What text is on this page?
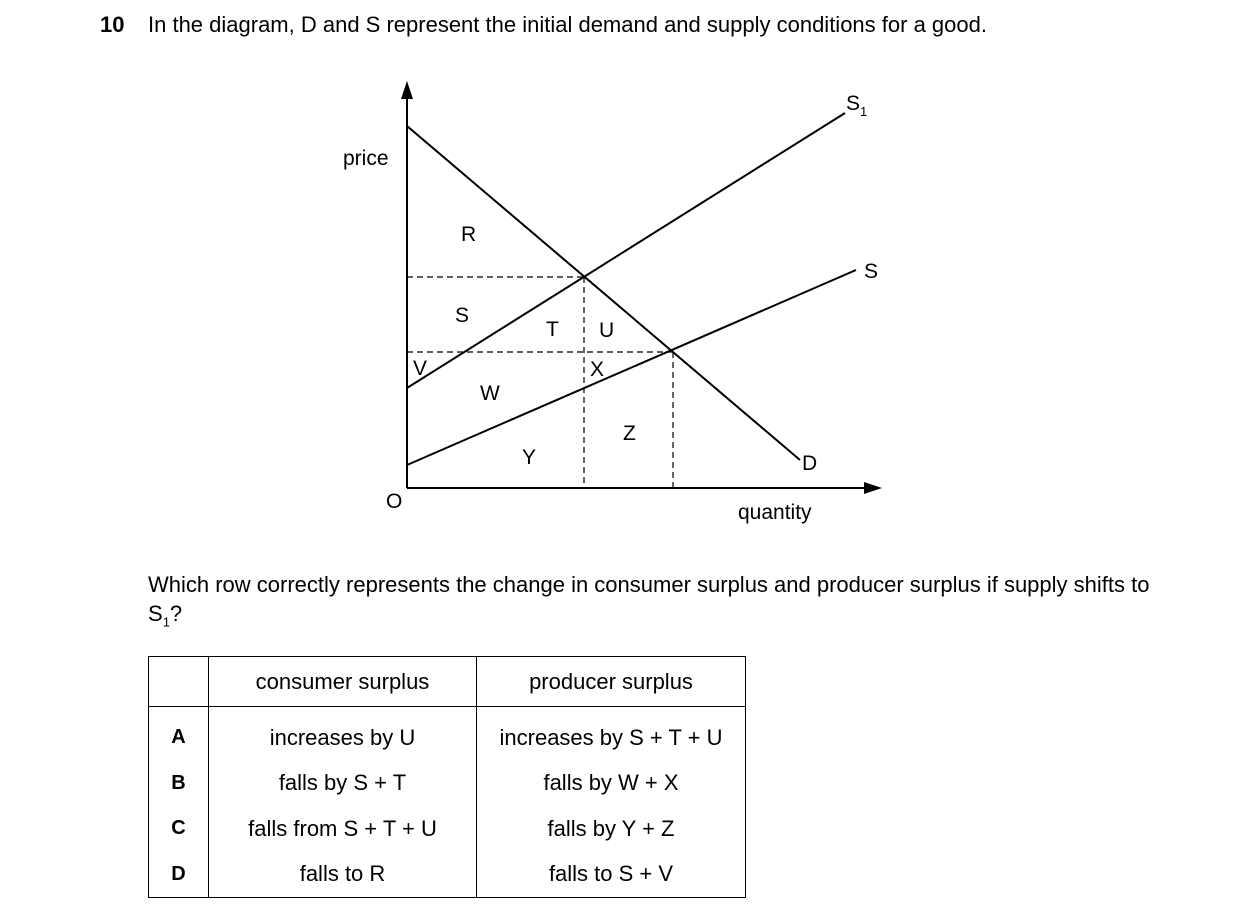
10 In the diagram, D and S represent the initial demand and supply conditions for a good.
price
quantity
O
D
S
$S_1$
R
S
T U
V
W
X
Y
Z
Which row correctly represents the change in consumer surplus and producer surplus if supply shifts to $S_1$?
	consumer surplus	producer surplus
A	increases by U	increases by S + T + U
B	falls by S + T	falls by W + X
C	falls from S + T + U	falls by Y + Z
D	falls to R	falls to S + V
